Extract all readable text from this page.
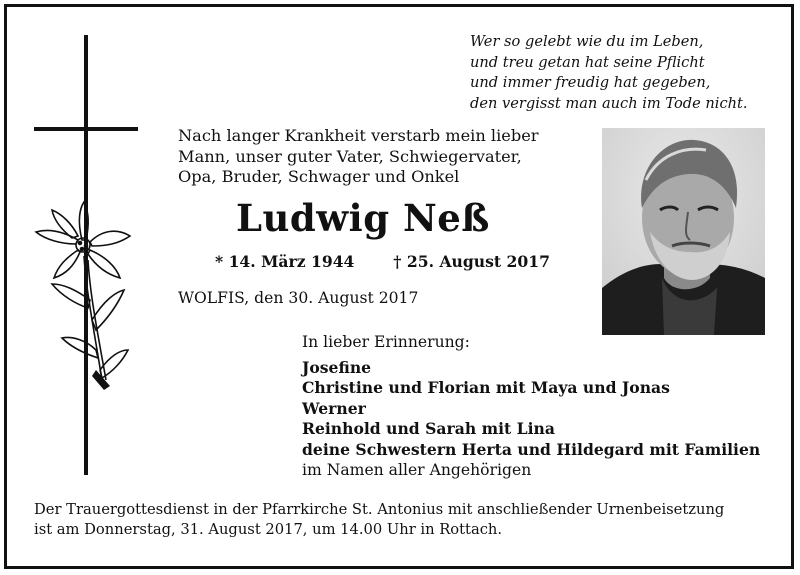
Wer so gelebt wie du im Leben,
und treu getan hat seine Pflicht
und immer freudig hat gegeben,
den vergisst man auch im Tode nicht.
Nach langer Krankheit verstarb mein lieber
Mann, unser guter Vater, Schwiegervater,
Opa, Bruder, Schwager und Onkel
Ludwig Neß
* 14. März 1944 † 25. August 2017
WOLFIS, den 30. August 2017
In lieber Erinnerung:
Josefine
Christine und Florian mit Maya und Jonas
Werner
Reinhold und Sarah mit Lina
deine Schwestern Herta und Hildegard mit Familien
im Namen aller Angehörigen
Der Trauergottesdienst in der Pfarrkirche St. Antonius mit anschließender Urnenbeisetzung
ist am Donnerstag, 31. August 2017, um 14.00 Uhr in Rottach.
